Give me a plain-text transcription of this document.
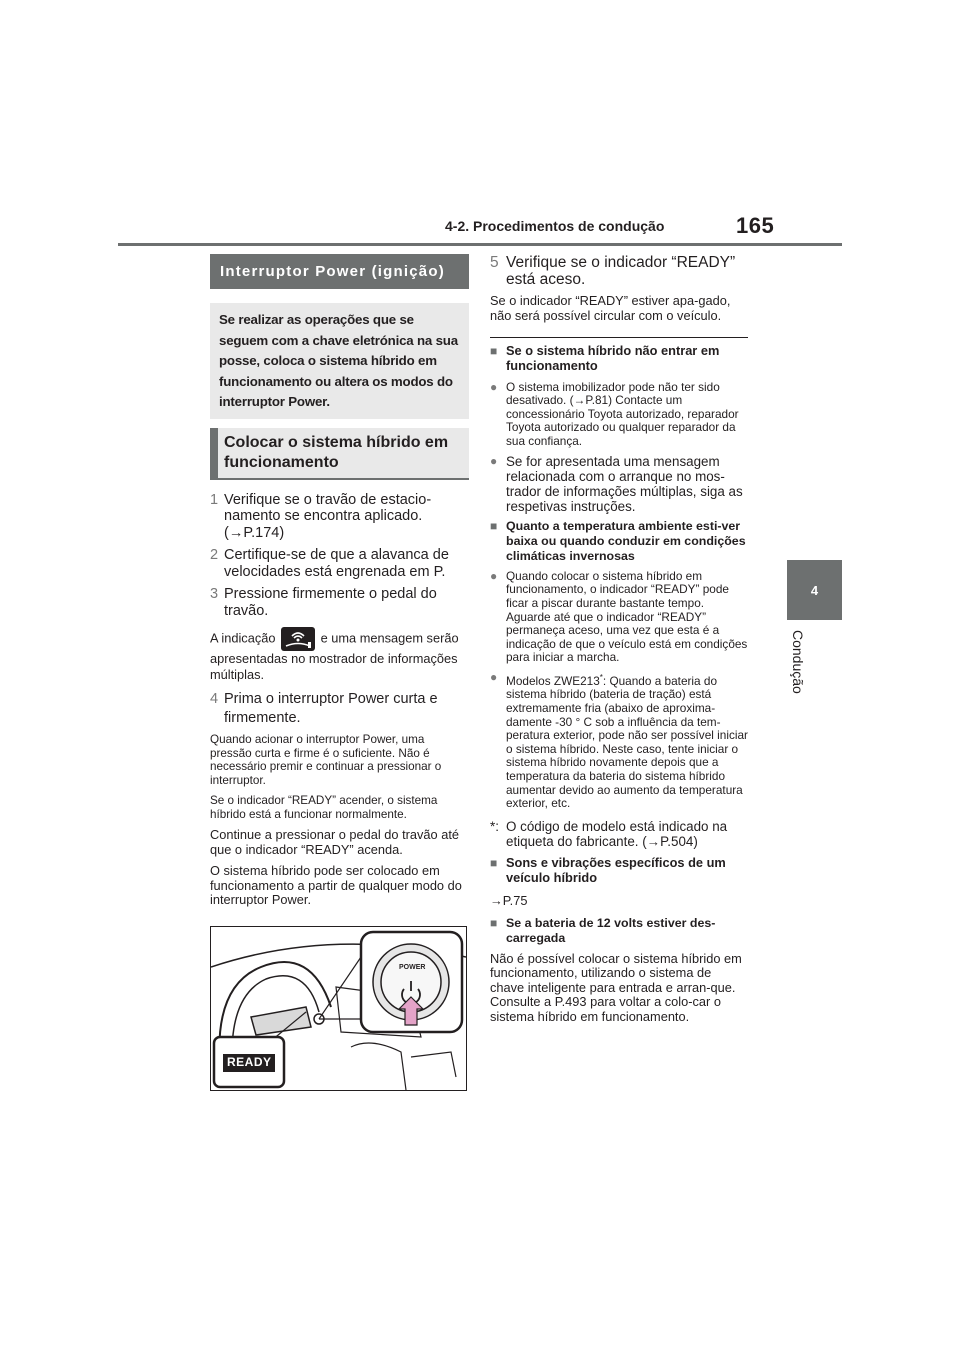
4-2. Procedimentos de condução	165
4
Condução
Interruptor Power (ignição)
Se realizar as operações que se seguem com a chave eletrónica na sua posse, coloca o sistema híbrido em funcionamento ou altera os modos do interruptor Power.
Colocar o sistema híbrido em funcionamento
1 Verifique se o travão de estacio-namento se encontra aplicado. (→P.174)
2 Certifique-se de que a alavanca de velocidades está engrenada em P.
3 Pressione firmemente o pedal do travão.
A indicação	e uma mensagem serão apresentadas no mostrador de informações múltiplas.
4 Prima o interruptor Power curta e firmemente.
Quando acionar o interruptor Power, uma pressão curta e firme é o suficiente. Não é necessário premir e continuar a pressionar o interruptor.
Se o indicador “READY” acender, o sistema híbrido está a funcionar normalmente.
Continue a pressionar o pedal do travão até que o indicador “READY” acenda.
O sistema híbrido pode ser colocado em funcionamento a partir de qualquer modo do interruptor Power.
POWER
READY
5 Verifique se o indicador “READY” está aceso.
Se o indicador “READY” estiver apa-gado, não será possível circular com o veículo.
■ Se o sistema híbrido não entrar em funcionamento
● O sistema imobilizador pode não ter sido desativado. (→P.81) Contacte um concessionário Toyota autorizado, reparador Toyota autorizado ou qualquer reparador da sua confiança.
● Se for apresentada uma mensagem relacionada com o arranque no mos-trador de informações múltiplas, siga as respetivas instruções.
■ Quanto a temperatura ambiente esti-ver baixa ou quando conduzir em condições climáticas invernosas
● Quando colocar o sistema híbrido em funcionamento, o indicador “READY” pode ficar a piscar durante bastante tempo. Aguarde até que o indicador “READY” permaneça aceso, uma vez que esta é a indicação de que o veículo está em condições para iniciar a marcha.
● Modelos ZWE213*: Quando a bateria do sistema híbrido (bateria de tração) está extremamente fria (abaixo de aproxima-damente -30 ° C sob a influência da tem-peratura exterior, pode não ser possível iniciar o sistema híbrido. Neste caso, tente iniciar o sistema híbrido novamente depois que a temperatura da bateria do sistema híbrido aumentar devido ao aumento da temperatura exterior, etc.
*: O código de modelo está indicado na etiqueta do fabricante. (→P.504)
■ Sons e vibrações específicos de um veículo híbrido
→P.75
■ Se a bateria de 12 volts estiver des-carregada
Não é possível colocar o sistema híbrido em funcionamento, utilizando o sistema de chave inteligente para entrada e arran-que. Consulte a P.493 para voltar a colo-car o sistema híbrido em funcionamento.
